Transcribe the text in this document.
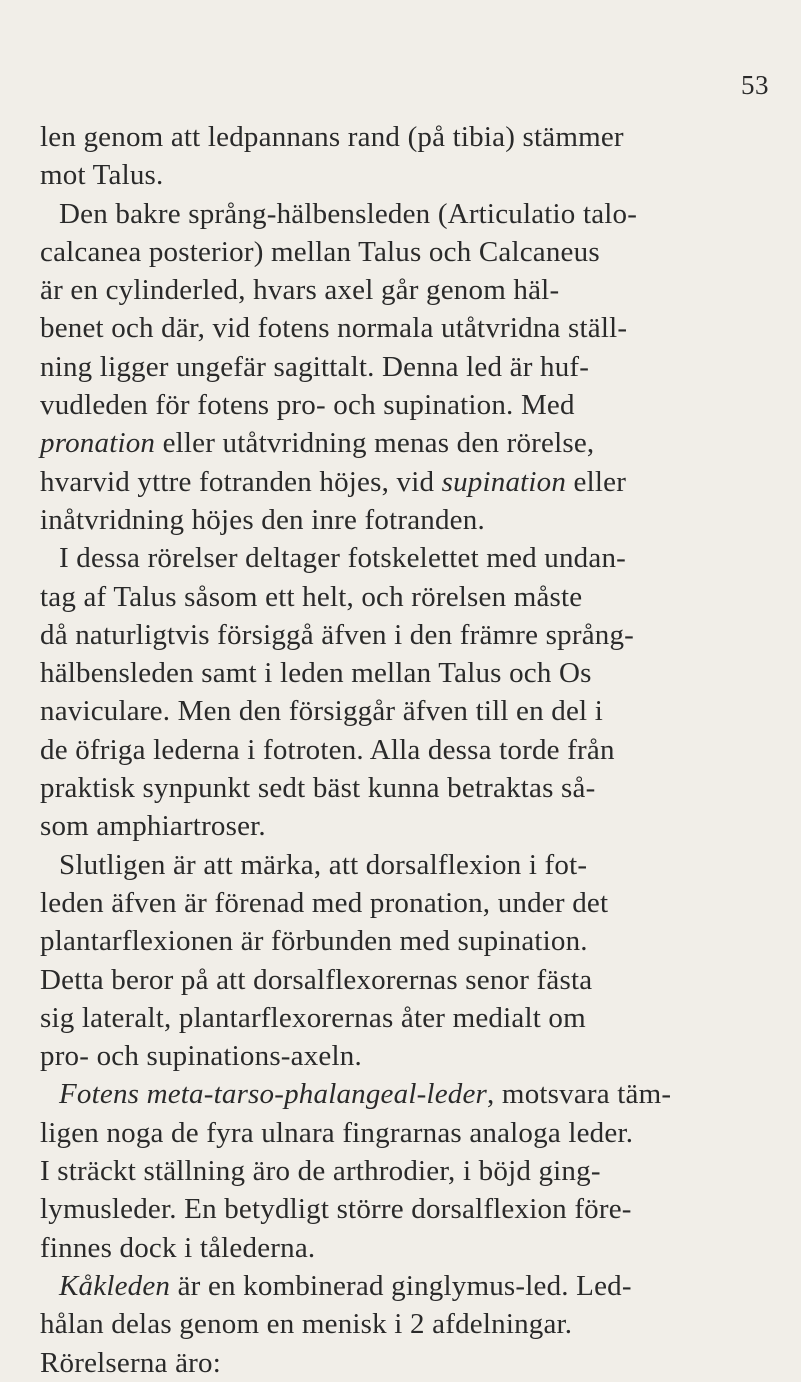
53
len genom att ledpannans rand (på tibia) stämmer
mot Talus.
Den bakre språng-hälbensleden (Articulatio talo-
calcanea posterior) mellan Talus och Calcaneus
är en cylinderled, hvars axel går genom häl-
benet och där, vid fotens normala utåtvridna ställ-
ning ligger ungefär sagittalt. Denna led är huf-
vudleden för fotens pro- och supination. Med
pronation eller utåtvridning menas den rörelse,
hvarvid yttre fotranden höjes, vid supination eller
inåtvridning höjes den inre fotranden.
I dessa rörelser deltager fotskelettet med undan-
tag af Talus såsom ett helt, och rörelsen måste
då naturligtvis försiggå äfven i den främre språng-
hälbensleden samt i leden mellan Talus och Os
naviculare. Men den försiggår äfven till en del i
de öfriga lederna i fotroten. Alla dessa torde från
praktisk synpunkt sedt bäst kunna betraktas så-
som amphiartroser.
Slutligen är att märka, att dorsalflexion i fot-
leden äfven är förenad med pronation, under det
plantarflexionen är förbunden med supination.
Detta beror på att dorsalflexorernas senor fästa
sig lateralt, plantarflexorernas åter medialt om
pro- och supinations-axeln.
Fotens meta-tarso-phalangeal-leder, motsvara täm-
ligen noga de fyra ulnara fingrarnas analoga leder.
I sträckt ställning äro de arthrodier, i böjd ging-
lymusleder. En betydligt större dorsalflexion före-
finnes dock i tålederna.
Kåkleden är en kombinerad ginglymus-led. Led-
hålan delas genom en menisk i 2 afdelningar.
Rörelserna äro:
